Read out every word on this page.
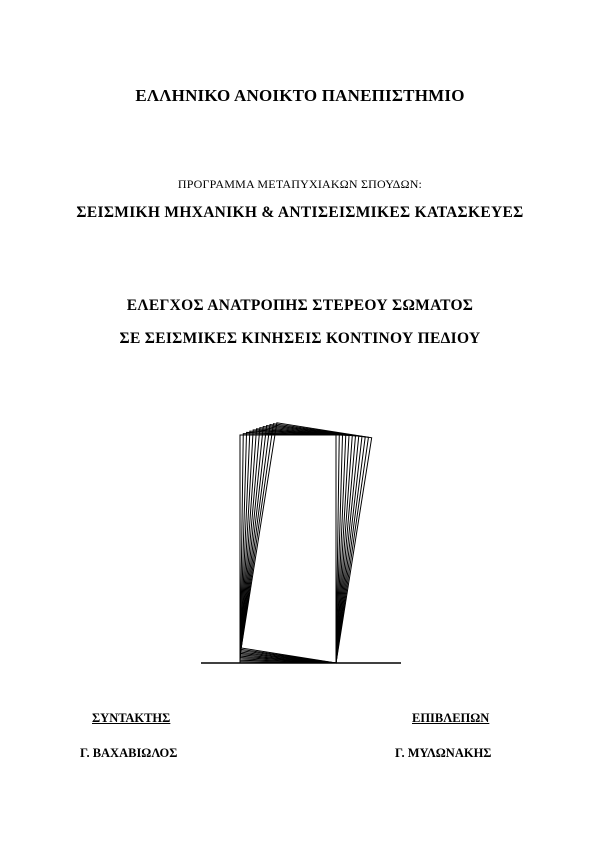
ΕΛΛΗΝΙΚΟ ΑΝΟΙΚΤΟ ΠΑΝΕΠΙΣΤΗΜΙΟ
ΠΡΟΓΡΑΜΜΑ ΜΕΤΑΠΥΧΙΑΚΩΝ ΣΠΟΥΔΩΝ:
ΣΕΙΣΜΙΚΗ ΜΗΧΑΝΙΚΗ & ΑΝΤΙΣΕΙΣΜΙΚΕΣ ΚΑΤΑΣΚΕΥΕΣ
ΕΛΕΓΧΟΣ ΑΝΑΤΡΟΠΗΣ ΣΤΕΡΕΟΥ ΣΩΜΑΤΟΣ
ΣΕ ΣΕΙΣΜΙΚΕΣ ΚΙΝΗΣΕΙΣ ΚΟΝΤΙΝΟΥ ΠΕΔΙΟΥ
ΣΥΝΤΑΚΤΗΣ
Γ. ΒΑΧΑΒΙΩΛΟΣ
ΕΠΙΒΛΕΠΩΝ
Γ. ΜΥΛΩΝΑΚΗΣ
